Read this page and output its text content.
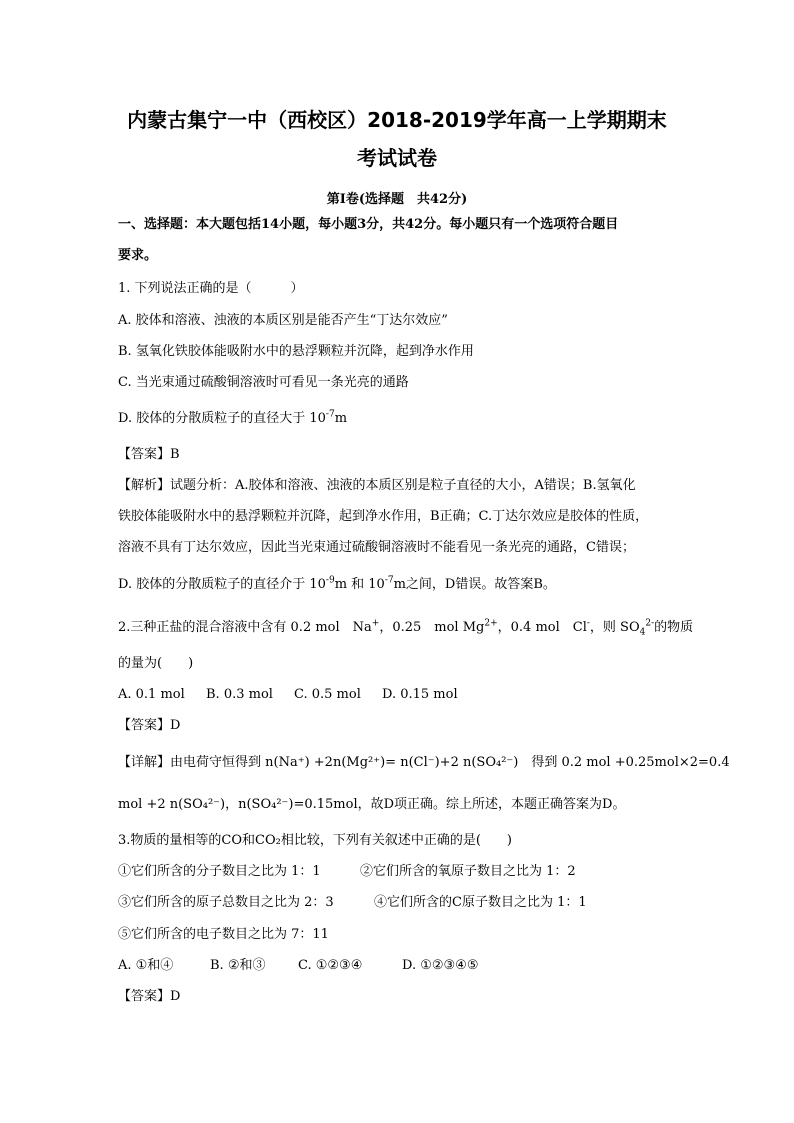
内蒙古集宁一中（西校区）2018-2019学年高一上学期期末
考试试卷
第Ⅰ卷(选择题　共42分)
一、选择题：本大题包括14小题，每小题3分，共42分。每小题只有一个选项符合题目
要求。
1. 下列说法正确的是（　　　）
A. 胶体和溶液、浊液的本质区别是能否产生“丁达尔效应”
B. 氢氧化铁胶体能吸附水中的悬浮颗粒并沉降，起到净水作用
C. 当光束通过硫酸铜溶液时可看见一条光亮的通路
D. 胶体的分散质粒子的直径大于 $10^{-7}m$
【答案】B
【解析】试题分析：A.胶体和溶液、浊液的本质区别是粒子直径的大小，A错误；B.氢氧化
铁胶体能吸附水中的悬浮颗粒并沉降，起到净水作用，B正确；C.丁达尔效应是胶体的性质，
溶液不具有丁达尔效应，因此当光束通过硫酸铜溶液时不能看见一条光亮的通路，C错误；
D. 胶体的分散质粒子的直径介于 $10^{-9}m$ 和 $10^{-7}m$之间，D错误。故答案B。
2.三种正盐的混合溶液中含有 0.2 mol　Na+，0.25　mol $Mg^{2+}$，0.4 mol　Cl-，则 $SO_4^{2-}$的物质
的量为(　　)
A. 0.1 mol B. 0.3 mol C. 0.5 mol D. 0.15 mol
【答案】D
【详解】由电荷守恒得到 n(Na⁺) +2n(Mg²⁺)= n(Cl⁻)+2 n(SO₄²⁻)　得到 0.2 mol +0.25mol×2=0.4
mol +2 n(SO₄²⁻)，n(SO₄²⁻)=0.15mol，故D项正确。综上所述，本题正确答案为D。
3.物质的量相等的CO和CO₂相比较，下列有关叙述中正确的是(　　)
①它们所含的分子数目之比为 1：1	②它们所含的氧原子数目之比为 1：2
③它们所含的原子总数目之比为 2：3	④它们所含的C原子数目之比为 1：1
⑤它们所含的电子数目之比为 7：11
A. ①和④	B. ②和③	C. ①②③④	D. ①②③④⑤
【答案】D
